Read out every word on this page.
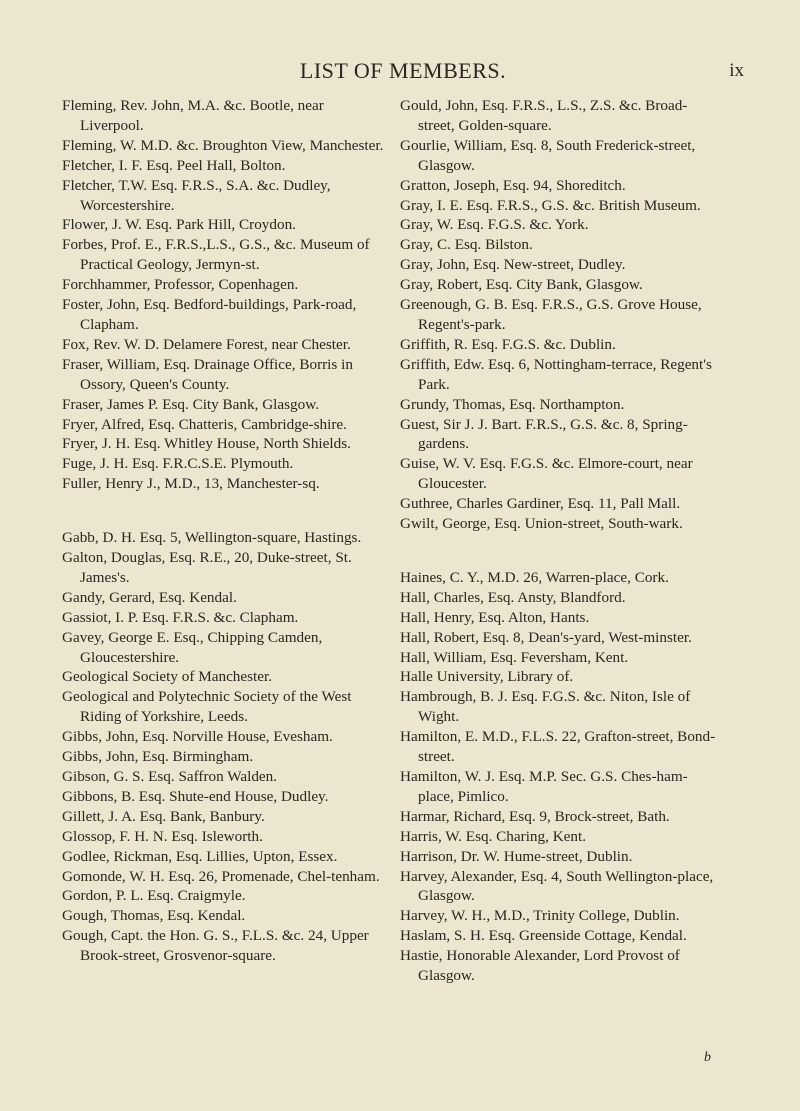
LIST OF MEMBERS.	ix

Fleming, Rev. John, M.A. &c. Bootle, near Liverpool.

Fleming, W. M.D. &c. Broughton View, Manchester.

Fletcher, I. F. Esq. Peel Hall, Bolton.

Fletcher, T.W. Esq. F.R.S., S.A. &c. Dudley, Worcestershire.

Flower, J. W. Esq. Park Hill, Croydon.

Forbes, Prof. E., F.R.S.,L.S., G.S., &c. Museum of Practical Geology, Jermyn-st.

Forchhammer, Professor, Copenhagen.

Foster, John, Esq. Bedford-buildings, Park-road, Clapham.

Fox, Rev. W. D. Delamere Forest, near Chester.

Fraser, William, Esq. Drainage Office, Borris in Ossory, Queen's County.

Fraser, James P. Esq. City Bank, Glasgow.

Fryer, Alfred, Esq. Chatteris, Cambridge-shire.

Fryer, J. H. Esq. Whitley House, North Shields.

Fuge, J. H. Esq. F.R.C.S.E. Plymouth.

Fuller, Henry J., M.D., 13, Manchester-sq.

Gabb, D. H. Esq. 5, Wellington-square, Hastings.

Galton, Douglas, Esq. R.E., 20, Duke-street, St. James's.

Gandy, Gerard, Esq. Kendal.

Gassiot, I. P. Esq. F.R.S. &c. Clapham.

Gavey, George E. Esq., Chipping Camden, Gloucestershire.

Geological Society of Manchester.

Geological and Polytechnic Society of the West Riding of Yorkshire, Leeds.

Gibbs, John, Esq. Norville House, Evesham.

Gibbs, John, Esq. Birmingham.

Gibson, G. S. Esq. Saffron Walden.

Gibbons, B. Esq. Shute-end House, Dudley.

Gillett, J. A. Esq. Bank, Banbury.

Glossop, F. H. N. Esq. Isleworth.

Godlee, Rickman, Esq. Lillies, Upton, Essex.

Gomonde, W. H. Esq. 26, Promenade, Chel-tenham.

Gordon, P. L. Esq. Craigmyle.

Gough, Thomas, Esq. Kendal.

Gough, Capt. the Hon. G. S., F.L.S. &c. 24, Upper Brook-street, Grosvenor-square.

Gould, John, Esq. F.R.S., L.S., Z.S. &c. Broad-street, Golden-square.

Gourlie, William, Esq. 8, South Frederick-street, Glasgow.

Gratton, Joseph, Esq. 94, Shoreditch.

Gray, I. E. Esq. F.R.S., G.S. &c. British Museum.

Gray, W. Esq. F.G.S. &c. York.

Gray, C. Esq. Bilston.

Gray, John, Esq. New-street, Dudley.

Gray, Robert, Esq. City Bank, Glasgow.

Greenough, G. B. Esq. F.R.S., G.S. Grove House, Regent's-park.

Griffith, R. Esq. F.G.S. &c. Dublin.

Griffith, Edw. Esq. 6, Nottingham-terrace, Regent's Park.

Grundy, Thomas, Esq. Northampton.

Guest, Sir J. J. Bart. F.R.S., G.S. &c. 8, Spring-gardens.

Guise, W. V. Esq. F.G.S. &c. Elmore-court, near Gloucester.

Guthree, Charles Gardiner, Esq. 11, Pall Mall.

Gwilt, George, Esq. Union-street, South-wark.

Haines, C. Y., M.D. 26, Warren-place, Cork.

Hall, Charles, Esq. Ansty, Blandford.

Hall, Henry, Esq. Alton, Hants.

Hall, Robert, Esq. 8, Dean's-yard, West-minster.

Hall, William, Esq. Feversham, Kent.

Halle University, Library of.

Hambrough, B. J. Esq. F.G.S. &c. Niton, Isle of Wight.

Hamilton, E. M.D., F.L.S. 22, Grafton-street, Bond-street.

Hamilton, W. J. Esq. M.P. Sec. G.S. Ches-ham-place, Pimlico.

Harmar, Richard, Esq. 9, Brock-street, Bath.

Harris, W. Esq. Charing, Kent.

Harrison, Dr. W. Hume-street, Dublin.

Harvey, Alexander, Esq. 4, South Wellington-place, Glasgow.

Harvey, W. H., M.D., Trinity College, Dublin.

Haslam, S. H. Esq. Greenside Cottage, Kendal.

Hastie, Honorable Alexander, Lord Provost of Glasgow.

b
